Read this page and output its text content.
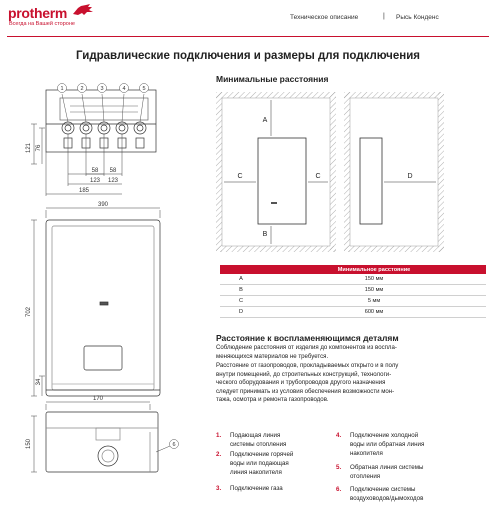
protherm
Всегда на Вашей стороне
Техническое описание	| Рысь Конденс
Гидравлические подключения и размеры для подключения
1	2	3	4	5
121 76
58 58
123 123
185
390
702
34
170
150	6
Минимальные расстояния
A
B
C	C	D
	Минимальное расстояние
A	150 мм
B	150 мм
C	5 мм
D	600 мм
Расстояние к воспламеняющимся деталям
Соблюдение расстояния от изделия до компонентов из воспла-
меняющихся материалов не требуется.
Расстояние от газопроводов, прокладываемых открыто и в полу
внутри помещений, до строительных конструкций, технологи-
ческого оборудования и трубопроводов другого назначения
следует принимать из условия обеспечения возможности мон-
тажа, осмотра и ремонта газопроводов.
1. Подающая линия
системы отопления
2. Подключение горячей
воды или подающая
линия накопителя
3. Подключение газа
4. Подключение холодной
воды или обратная линия
накопителя
5. Обратная линия системы
отопления
6. Подключение системы
воздуховодов/дымоходов
